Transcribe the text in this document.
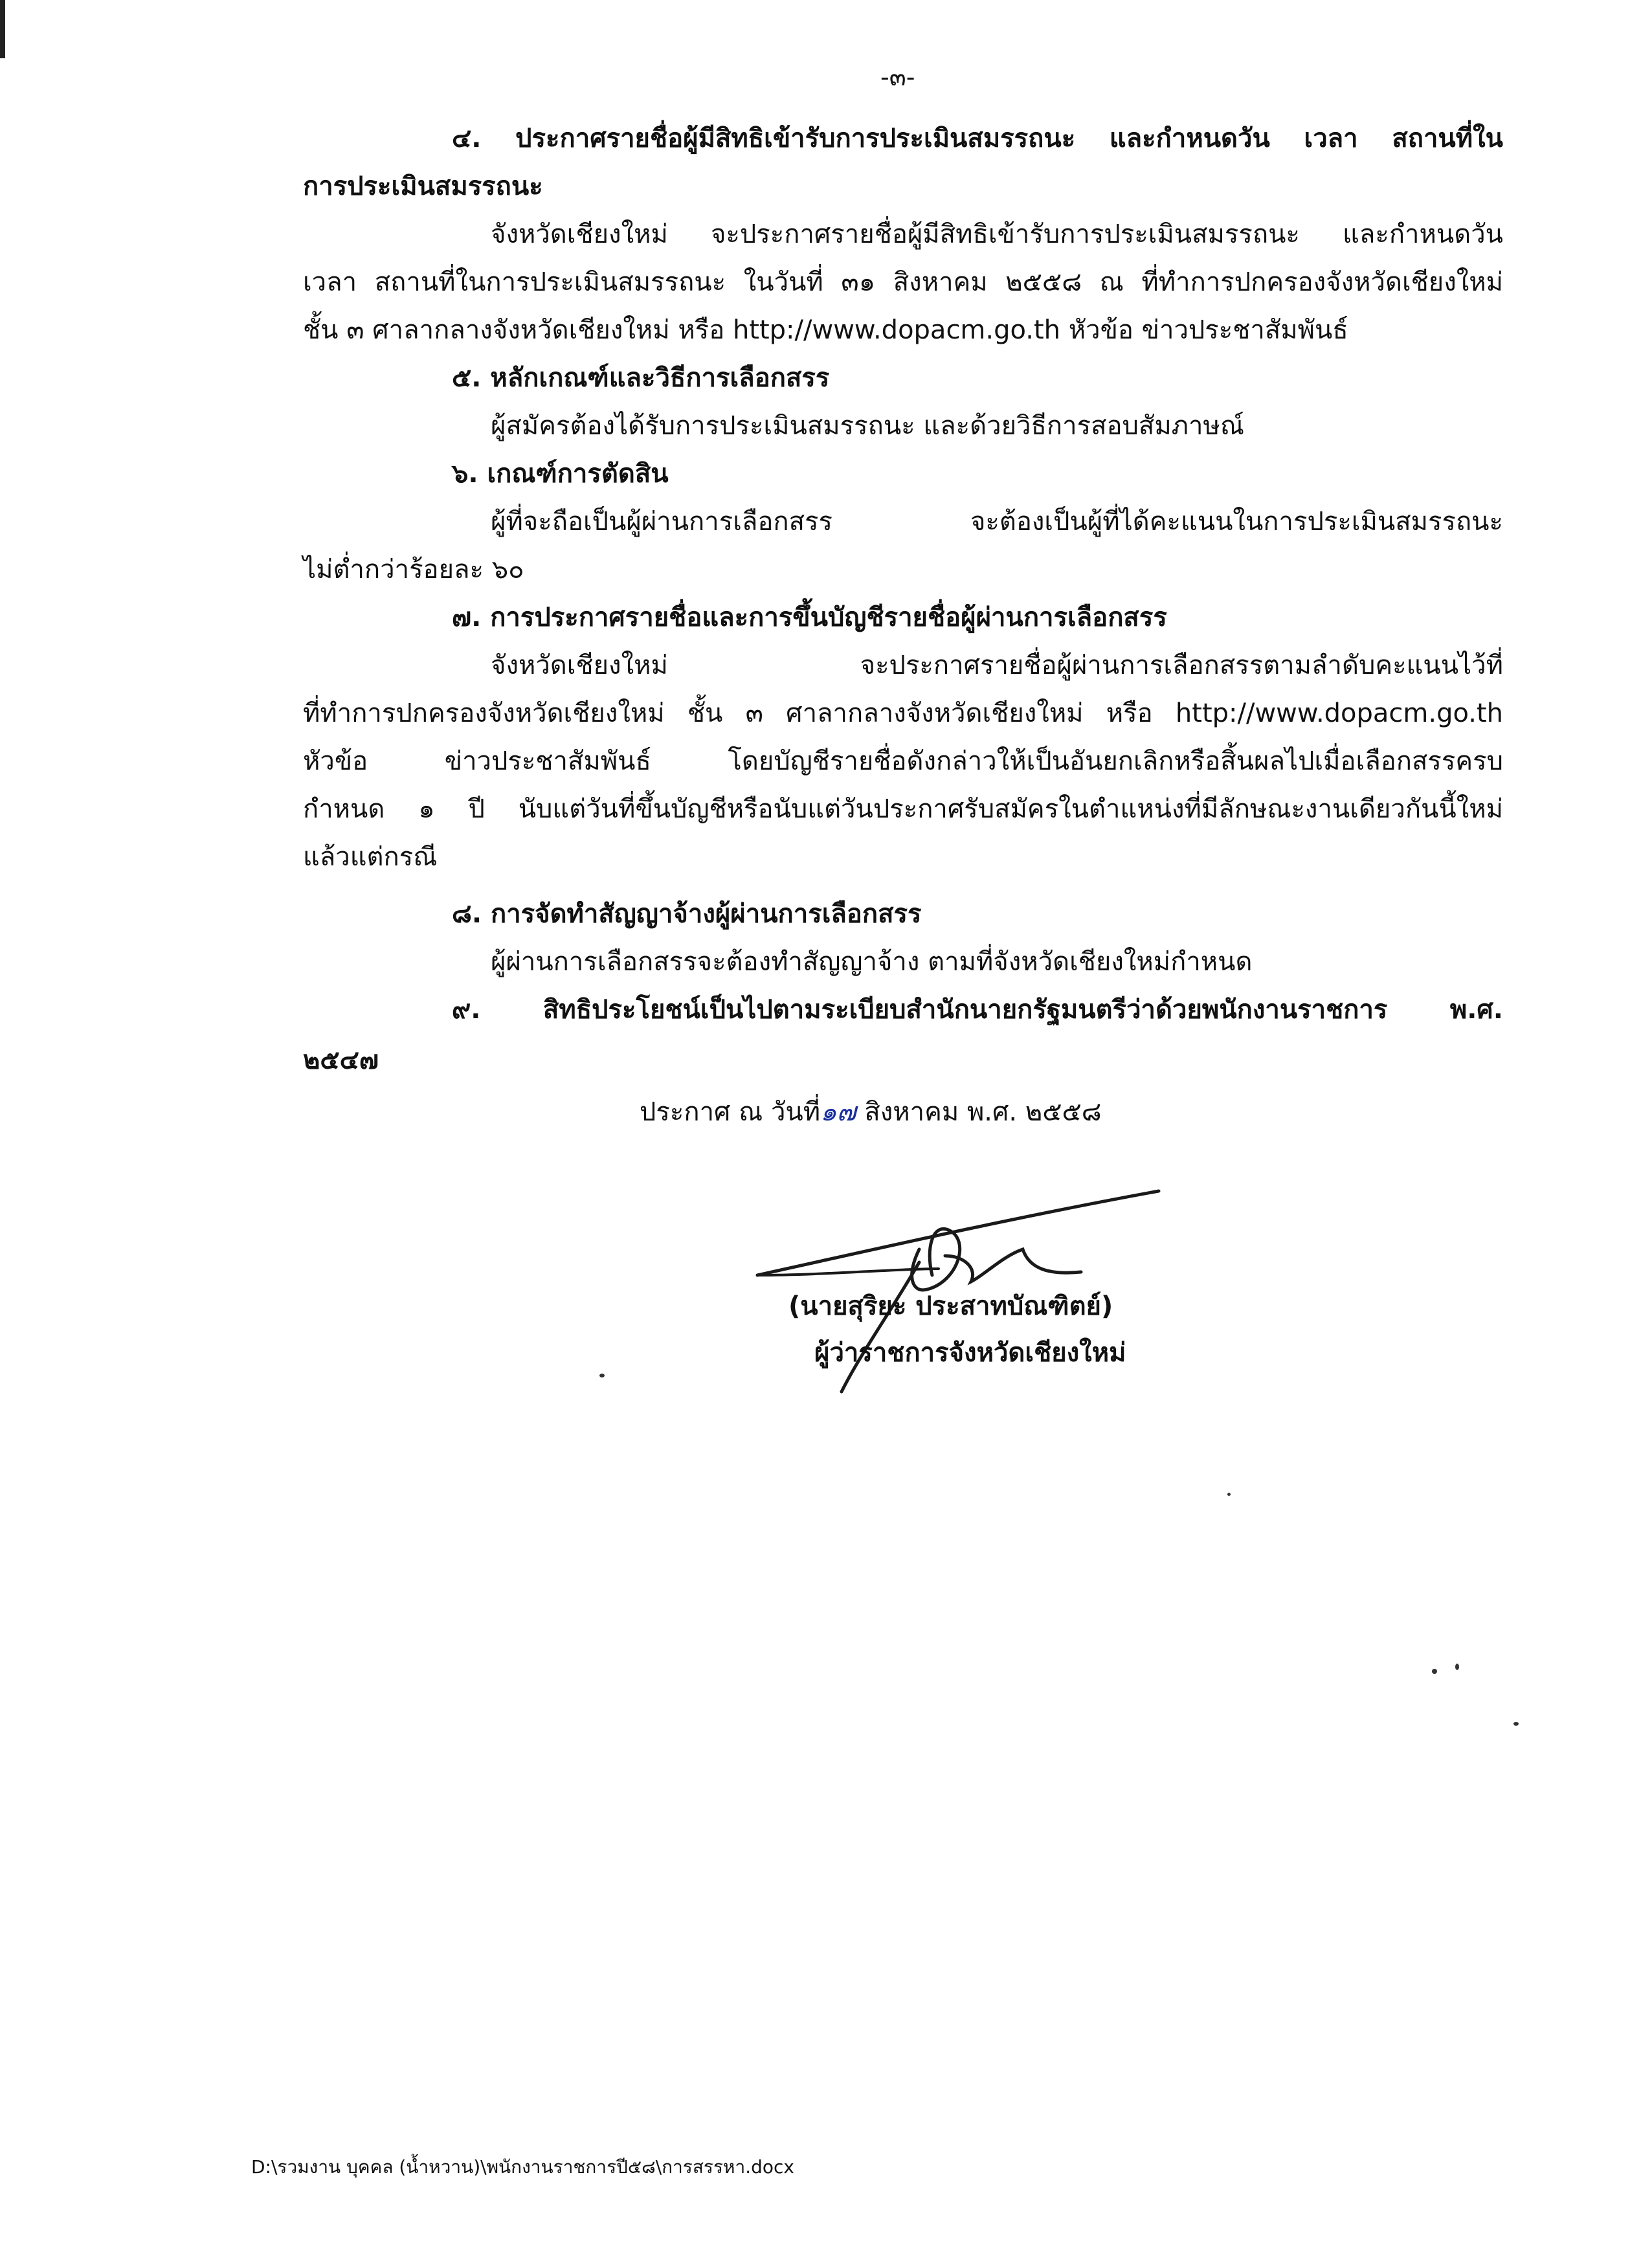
-๓-
๔. ประกาศรายชื่อผู้มีสิทธิเข้ารับการประเมินสมรรถนะ และกำหนดวัน เวลา สถานที่ใน
การประเมินสมรรถนะ
จังหวัดเชียงใหม่ จะประกาศรายชื่อผู้มีสิทธิเข้ารับการประเมินสมรรถนะ และกำหนดวัน
เวลา สถานที่ในการประเมินสมรรถนะ ในวันที่ ๓๑ สิงหาคม ๒๕๕๘ ณ ที่ทำการปกครองจังหวัดเชียงใหม่
ชั้น ๓ ศาลากลางจังหวัดเชียงใหม่ หรือ http://www.dopacm.go.th หัวข้อ ข่าวประชาสัมพันธ์
๕. หลักเกณฑ์และวิธีการเลือกสรร
ผู้สมัครต้องได้รับการประเมินสมรรถนะ และด้วยวิธีการสอบสัมภาษณ์
๖. เกณฑ์การตัดสิน
ผู้ที่จะถือเป็นผู้ผ่านการเลือกสรร จะต้องเป็นผู้ที่ได้คะแนนในการประเมินสมรรถนะ
ไม่ต่ำกว่าร้อยละ ๖๐
๗. การประกาศรายชื่อและการขึ้นบัญชีรายชื่อผู้ผ่านการเลือกสรร
จังหวัดเชียงใหม่ จะประกาศรายชื่อผู้ผ่านการเลือกสรรตามลำดับคะแนนไว้ที่
ที่ทำการปกครองจังหวัดเชียงใหม่ ชั้น ๓ ศาลากลางจังหวัดเชียงใหม่ หรือ http://www.dopacm.go.th
หัวข้อ ข่าวประชาสัมพันธ์ โดยบัญชีรายชื่อดังกล่าวให้เป็นอันยกเลิกหรือสิ้นผลไปเมื่อเลือกสรรครบ
กำหนด ๑ ปี นับแต่วันที่ขึ้นบัญชีหรือนับแต่วันประกาศรับสมัครในตำแหน่งที่มีลักษณะงานเดียวกันนี้ใหม่
แล้วแต่กรณี
๘. การจัดทำสัญญาจ้างผู้ผ่านการเลือกสรร
ผู้ผ่านการเลือกสรรจะต้องทำสัญญาจ้าง ตามที่จังหวัดเชียงใหม่กำหนด
๙. สิทธิประโยชน์เป็นไปตามระเบียบสำนักนายกรัฐมนตรีว่าด้วยพนักงานราชการ พ.ศ.
๒๕๔๗
ประกาศ ณ วันที่๑๗ สิงหาคม พ.ศ. ๒๕๕๘
(นายสุริยะ ประสาทบัณฑิตย์)
ผู้ว่าราชการจังหวัดเชียงใหม่
D:\รวมงาน บุคคล (น้ำหวาน)\พนักงานราชการปี๕๘\การสรรหา.docx
